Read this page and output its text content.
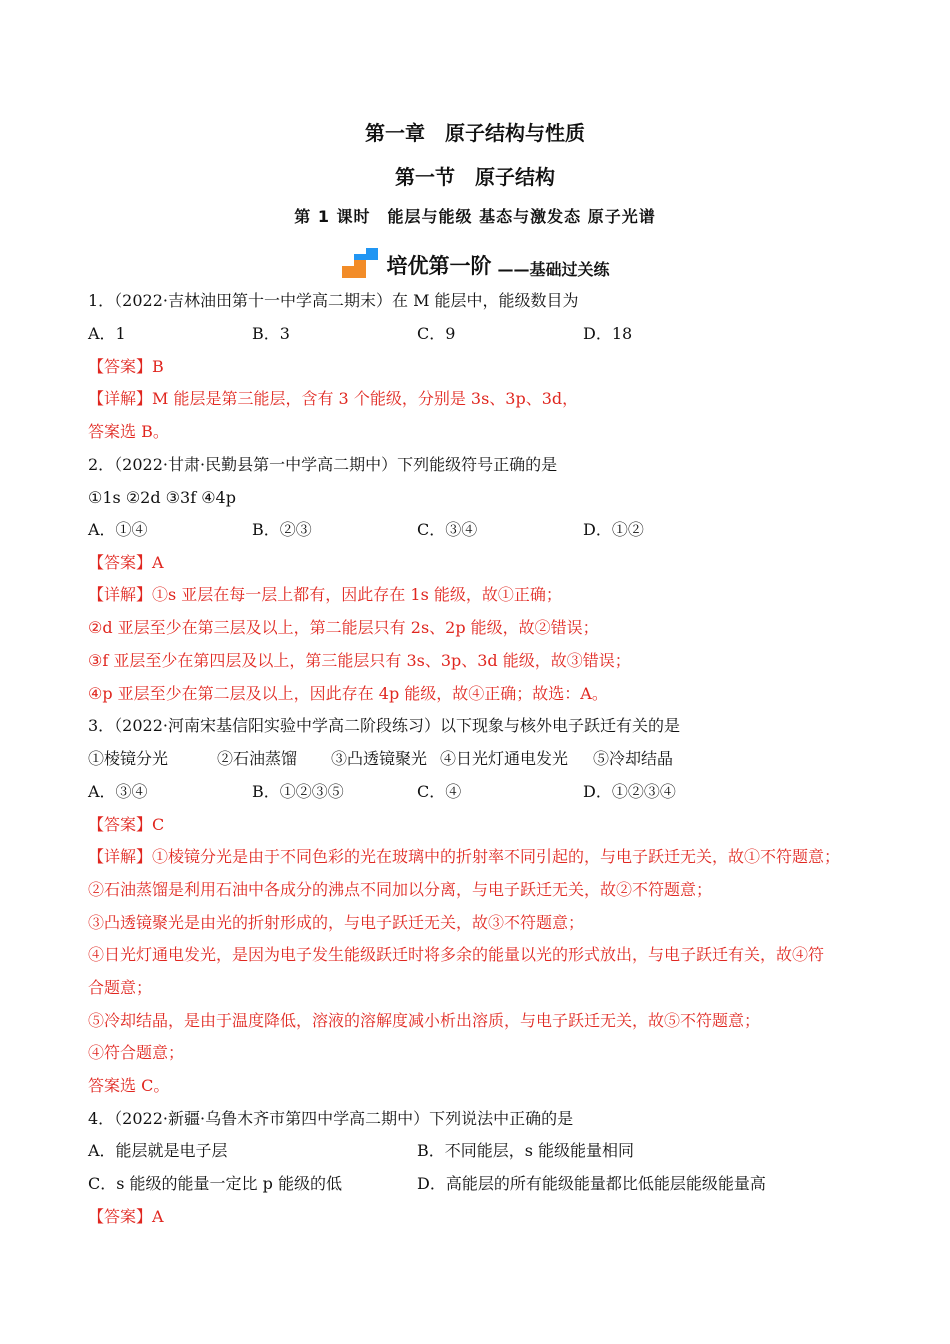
第一章　原子结构与性质
第一节　原子结构
第 1 课时　能层与能级 基态与激发态 原子光谱
培优第一阶 ——基础过关练
1．（2022·吉林油田第十一中学高二期末）在 M 能层中，能级数目为
A．1	B．3	C．9	D．18
【答案】B
【详解】M 能层是第三能层，含有 3 个能级，分别是 3s、3p、3d，
答案选 B。
2．（2022·甘肃·民勤县第一中学高二期中）下列能级符号正确的是
①1s ②2d ③3f ④4p
A．①④	B．②③	C．③④	D．①②
【答案】A
【详解】①s 亚层在每一层上都有，因此存在 1s 能级，故①正确；
②d 亚层至少在第三层及以上，第二能层只有 2s、2p 能级，故②错误；
③f 亚层至少在第四层及以上，第三能层只有 3s、3p、3d 能级，故③错误；
④p 亚层至少在第二层及以上，因此存在 4p 能级，故④正确；故选：A。
3．（2022·河南宋基信阳实验中学高二阶段练习）以下现象与核外电子跃迁有关的是
①棱镜分光	②石油蒸馏 ③凸透镜聚光 ④日光灯通电发光 ⑤冷却结晶
A．③④	B．①②③⑤	C．④	D．①②③④
【答案】C
【详解】①棱镜分光是由于不同色彩的光在玻璃中的折射率不同引起的，与电子跃迁无关，故①不符题意；
②石油蒸馏是利用石油中各成分的沸点不同加以分离，与电子跃迁无关，故②不符题意；
③凸透镜聚光是由光的折射形成的，与电子跃迁无关，故③不符题意；
④日光灯通电发光，是因为电子发生能级跃迁时将多余的能量以光的形式放出，与电子跃迁有关，故④符
合题意；
⑤冷却结晶，是由于温度降低，溶液的溶解度减小析出溶质，与电子跃迁无关，故⑤不符题意；
④符合题意；
答案选 C。
4．（2022·新疆·乌鲁木齐市第四中学高二期中）下列说法中正确的是
A．能层就是电子层	B．不同能层，s 能级能量相同
C．s 能级的能量一定比 p 能级的低	D．高能层的所有能级能量都比低能层能级能量高
【答案】A
